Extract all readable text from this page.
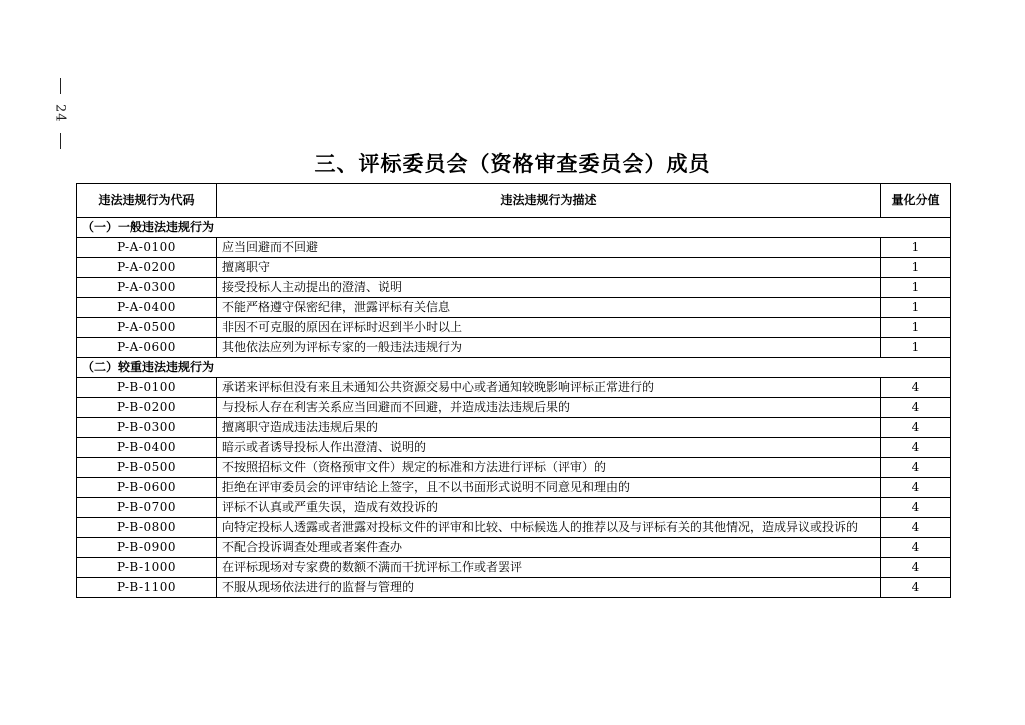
24
三、评标委员会（资格审查委员会）成员
违法违规行为代码	违法违规行为描述	量化分值
（一）一般违法违规行为		
P-A-0100	应当回避而不回避	1
P-A-0200	擅离职守	1
P-A-0300	接受投标人主动提出的澄清、说明	1
P-A-0400	不能严格遵守保密纪律，泄露评标有关信息	1
P-A-0500	非因不可克服的原因在评标时迟到半小时以上	1
P-A-0600	其他依法应列为评标专家的一般违法违规行为	1
（二）较重违法违规行为		
P-B-0100	承诺来评标但没有来且未通知公共资源交易中心或者通知较晚影响评标正常进行的	4
P-B-0200	与投标人存在利害关系应当回避而不回避，并造成违法违规后果的	4
P-B-0300	擅离职守造成违法违规后果的	4
P-B-0400	暗示或者诱导投标人作出澄清、说明的	4
P-B-0500	不按照招标文件（资格预审文件）规定的标准和方法进行评标（评审）的	4
P-B-0600	拒绝在评审委员会的评审结论上签字，且不以书面形式说明不同意见和理由的	4
P-B-0700	评标不认真或严重失误，造成有效投诉的	4
P-B-0800	向特定投标人透露或者泄露对投标文件的评审和比较、中标候选人的推荐以及与评标有关的其他情况，造成异议或投诉的	4
P-B-0900	不配合投诉调查处理或者案件查办	4
P-B-1000	在评标现场对专家费的数额不满而干扰评标工作或者罢评	4
P-B-1100	不服从现场依法进行的监督与管理的	4
